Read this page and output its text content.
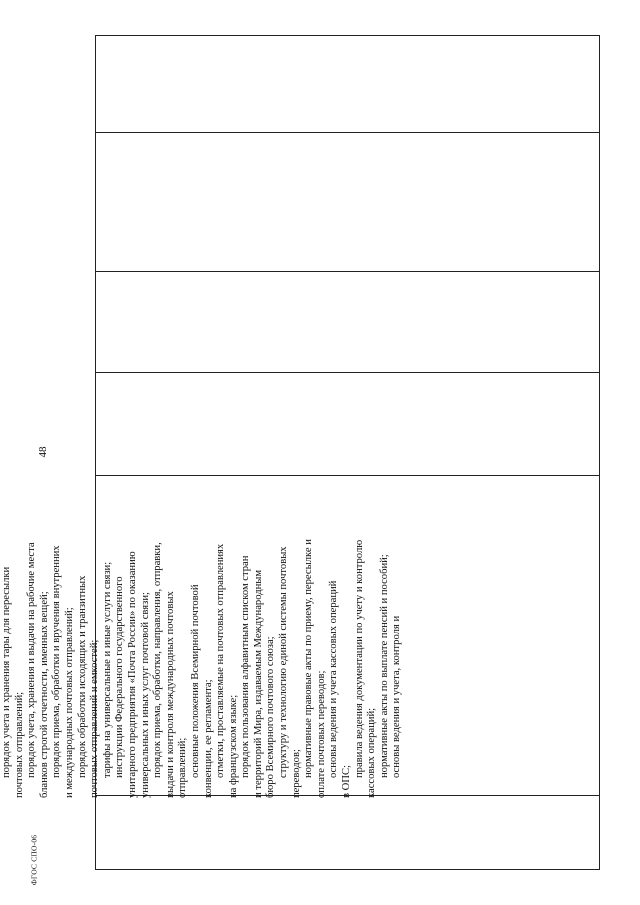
48
порядок учета и хранения тары для пересылки почтовых отправлений; порядок учета, хранения и выдачи на рабочие места бланков строгой отчетности, именных вещей; порядок приема, обработки и вручения внутренних и международных почтовых отправлений; порядок обработки исходящих и транзитных почтовых отправлений и емкостей; тарифы на универсальные и иные услуги связи; инструкции Федерального государственного унитарного предприятия «Почта России» по оказанию универсальных и иных услуг почтовой связи; порядок приема, обработки, направления, отправки, выдачи и контроля международных почтовых отправлений; основные положения Всемирной почтовой конвенции, ее регламента; отметки, проставляемые на почтовых отправлениях на французском языке; порядок пользования алфавитным списком стран и территорий Мира, издаваемым Международным бюро Всемирного почтового союза; структуру и технологию единой системы почтовых переводов; нормативные правовые акты по приему, пересылке и оплате почтовых переводов; основы ведения и учета кассовых операций
в ОПС;
правила ведения документации по учету и контролю кассовых операций; нормативные акты по выплате пенсий и пособий; основы ведения и учета, контроля и
ФГОС СПО-06
